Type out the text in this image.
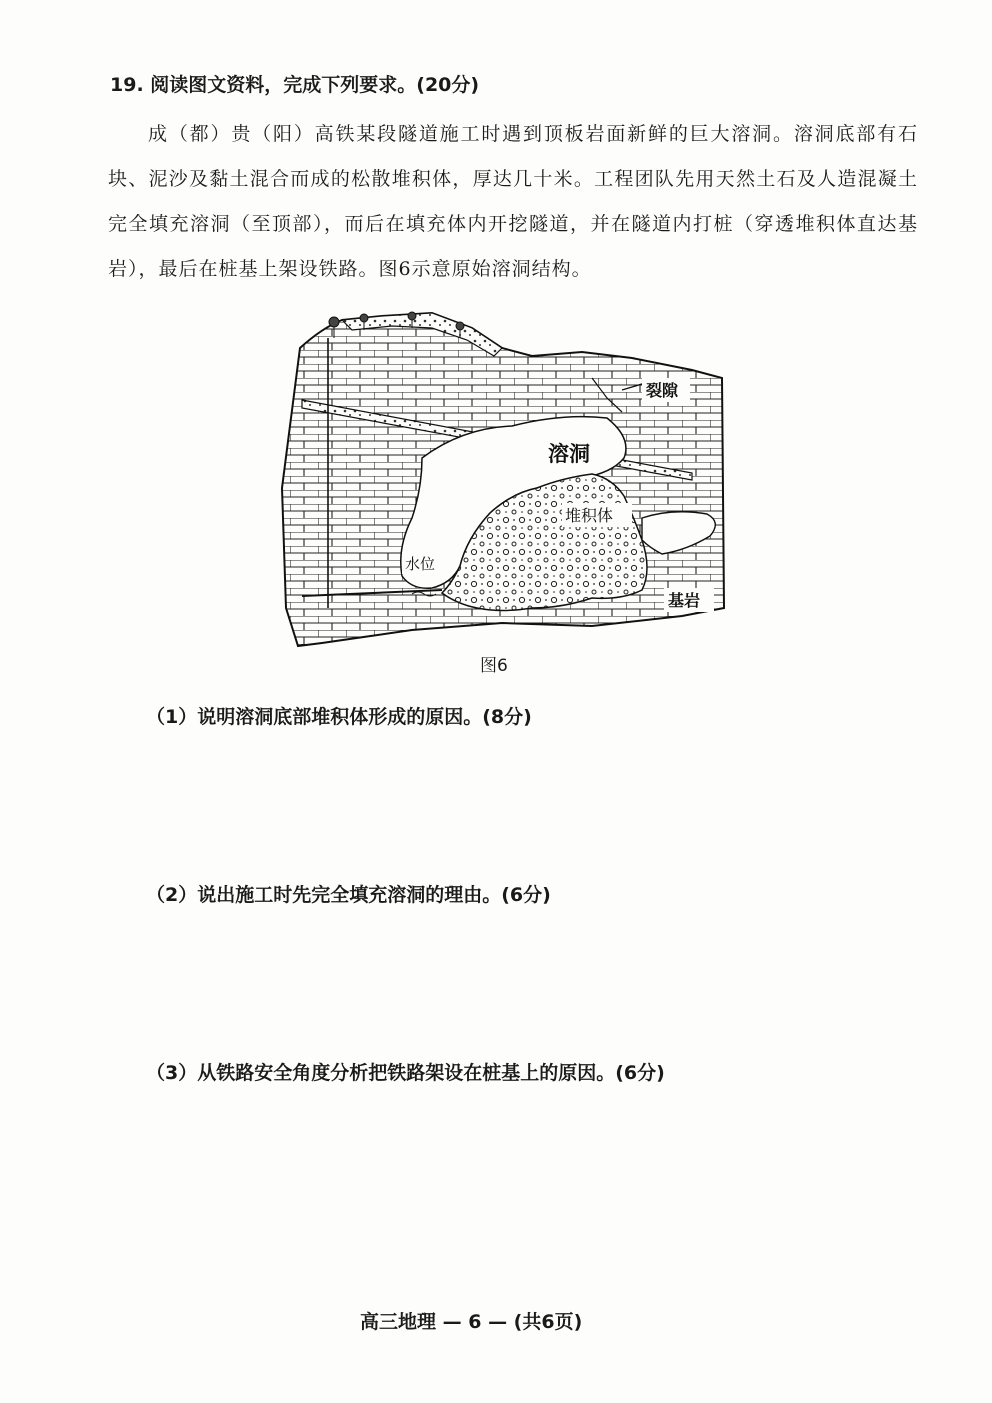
19. 阅读图文资料，完成下列要求。(20分)
成（都）贵（阳）高铁某段隧道施工时遇到顶板岩面新鲜的巨大溶洞。溶洞底部有石块、泥沙及黏土混合而成的松散堆积体，厚达几十米。工程团队先用天然土石及人造混凝土完全填充溶洞（至顶部），而后在填充体内开挖隧道，并在隧道内打桩（穿透堆积体直达基岩），最后在桩基上架设铁路。图6示意原始溶洞结构。
溶洞
堆积体
水位
裂隙
基岩
图6
（1）说明溶洞底部堆积体形成的原因。(8分)
（2）说出施工时先完全填充溶洞的理由。(6分)
（3）从铁路安全角度分析把铁路架设在桩基上的原因。(6分)
高三地理 — 6 — (共6页)
